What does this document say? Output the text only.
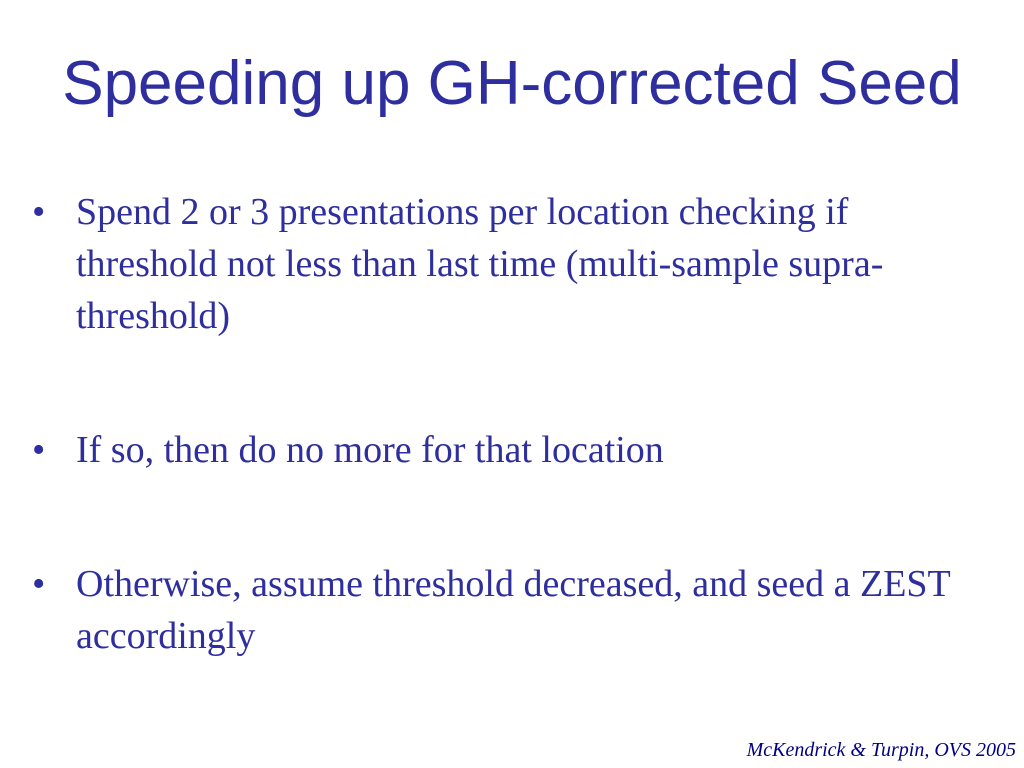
Speeding up GH-corrected Seed
• Spend 2 or 3 presentations per location checking if threshold not less than last time (multi-sample supra-threshold)
• If so, then do no more for that location
• Otherwise, assume threshold decreased, and seed a ZEST accordingly
McKendrick & Turpin, OVS 2005
